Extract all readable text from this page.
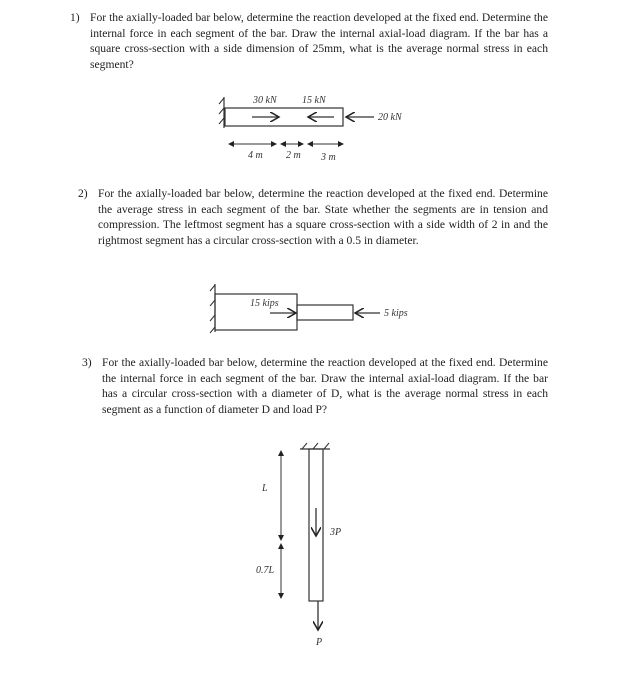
1) For the axially-loaded bar below, determine the reaction developed at the fixed end. Determine the internal force in each segment of the bar. Draw the internal axial-load diagram. If the bar has a square cross-section with a side dimension of 25mm, what is the average normal stress in each segment?
2) For the axially-loaded bar below, determine the reaction developed at the fixed end. Determine the average stress in each segment of the bar. State whether the segments are in tension and compression. The leftmost segment has a square cross-section with a side width of 2 in and the rightmost segment has a circular cross-section with a 0.5 in diameter.
3) For the axially-loaded bar below, determine the reaction developed at the fixed end. Determine the internal force in each segment of the bar. Draw the internal axial-load diagram. If the bar has a circular cross-section with a diameter of D, what is the average normal stress in each segment as a function of diameter D and load P?
30 kN	15 kN
20 kN
4 m 2 m 3 m
15 kips
5 kips
L
0.7L
3P
P
